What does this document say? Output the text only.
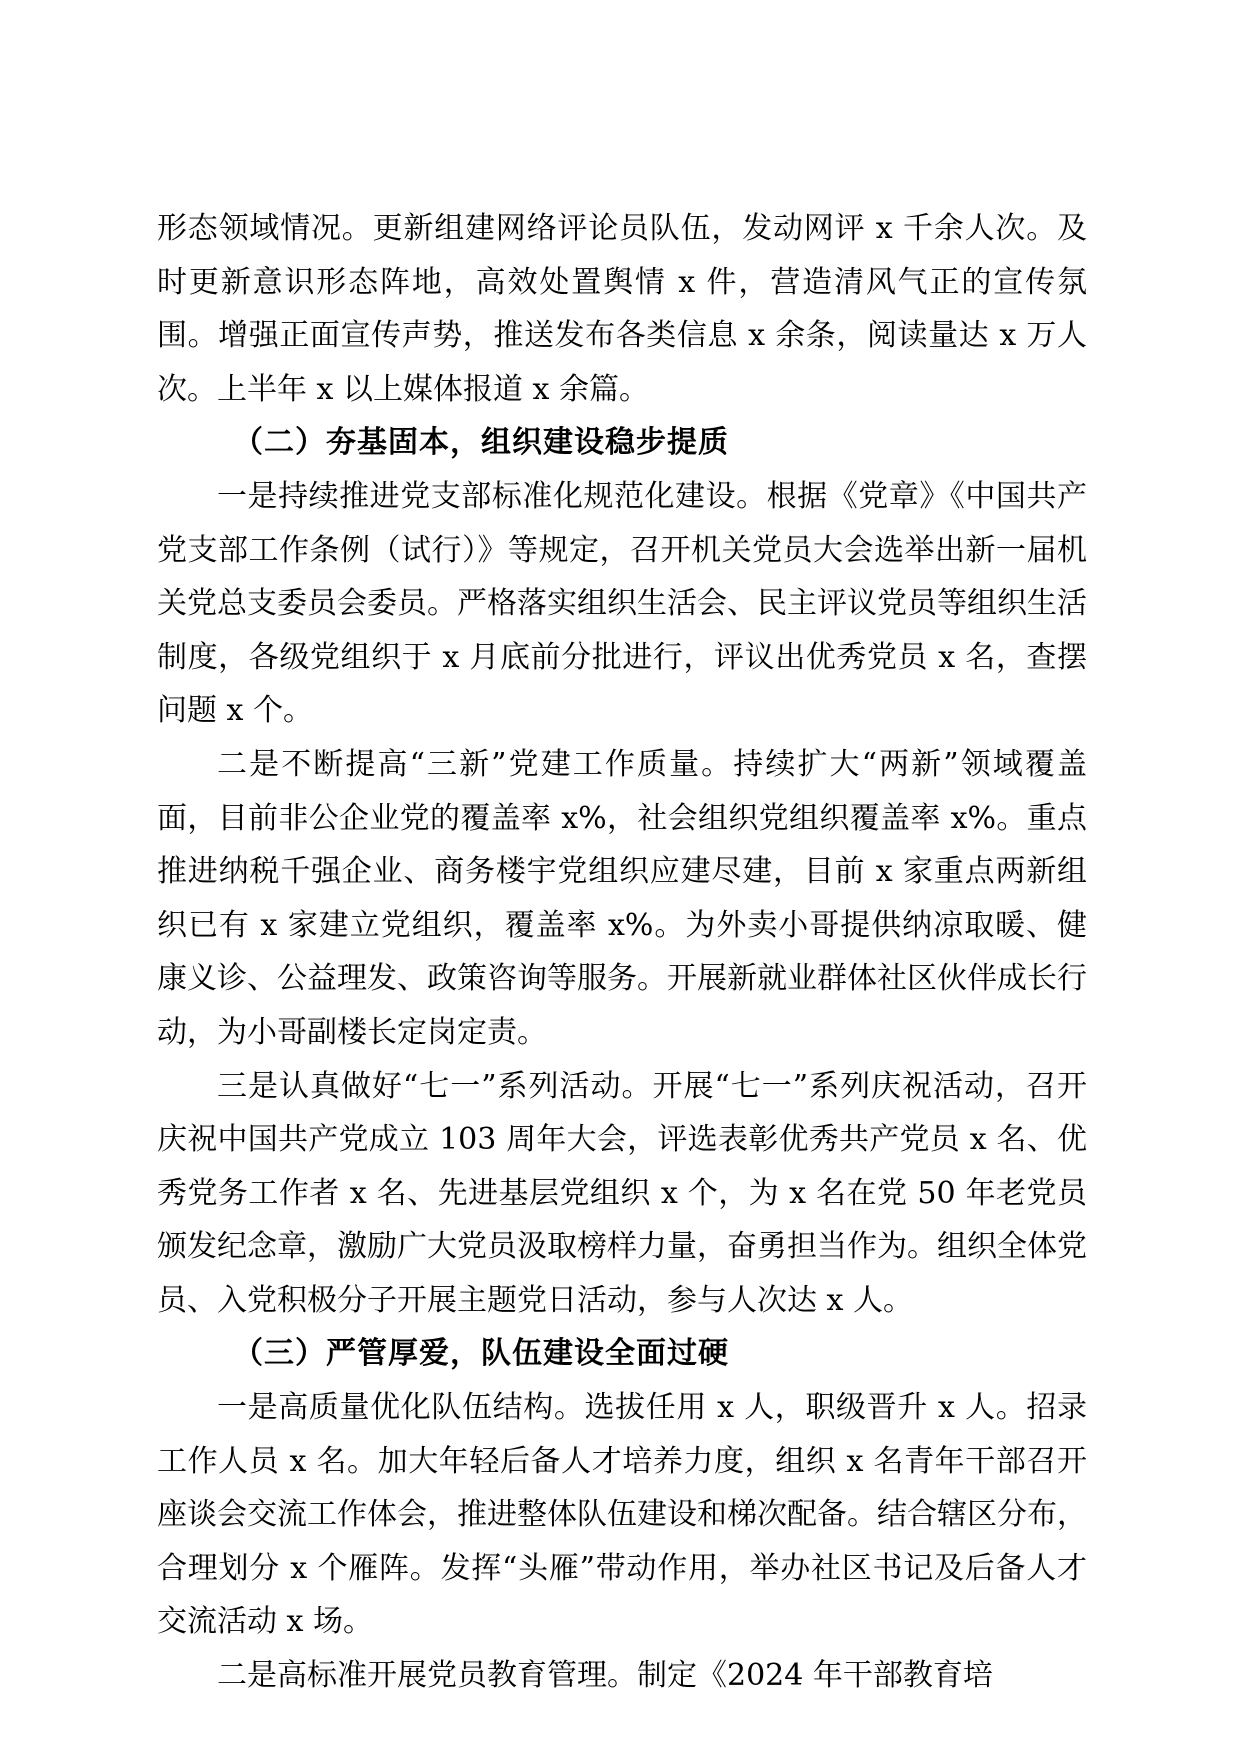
形态领域情况。更新组建网络评论员队伍，发动网评 x 千余人次。及时更新意识形态阵地，高效处置舆情 x 件，营造清风气正的宣传氛围。增强正面宣传声势，推送发布各类信息 x 余条，阅读量达 x 万人次。上半年 x 以上媒体报道 x 余篇。

（二）夯基固本，组织建设稳步提质

一是持续推进党支部标准化规范化建设。根据《党章》《中国共产党支部工作条例（试行）》等规定，召开机关党员大会选举出新一届机关党总支委员会委员。严格落实组织生活会、民主评议党员等组织生活制度，各级党组织于 x 月底前分批进行，评议出优秀党员 x 名，查摆问题 x 个。

二是不断提高“三新”党建工作质量。持续扩大“两新”领域覆盖面，目前非公企业党的覆盖率 x%，社会组织党组织覆盖率 x%。重点推进纳税千强企业、商务楼宇党组织应建尽建，目前 x 家重点两新组织已有 x 家建立党组织，覆盖率 x%。为外卖小哥提供纳凉取暖、健康义诊、公益理发、政策咨询等服务。开展新就业群体社区伙伴成长行动，为小哥副楼长定岗定责。

三是认真做好“七一”系列活动。开展“七一”系列庆祝活动，召开庆祝中国共产党成立 103 周年大会，评选表彰优秀共产党员 x 名、优秀党务工作者 x 名、先进基层党组织 x 个，为 x 名在党 50 年老党员颁发纪念章，激励广大党员汲取榜样力量，奋勇担当作为。组织全体党员、入党积极分子开展主题党日活动，参与人次达 x 人。

（三）严管厚爱，队伍建设全面过硬

一是高质量优化队伍结构。选拔任用 x 人，职级晋升 x 人。招录工作人员 x 名。加大年轻后备人才培养力度，组织 x 名青年干部召开座谈会交流工作体会，推进整体队伍建设和梯次配备。结合辖区分布，合理划分 x 个雁阵。发挥“头雁”带动作用，举办社区书记及后备人才交流活动 x 场。

二是高标准开展党员教育管理。制定《2024 年干部教育培
